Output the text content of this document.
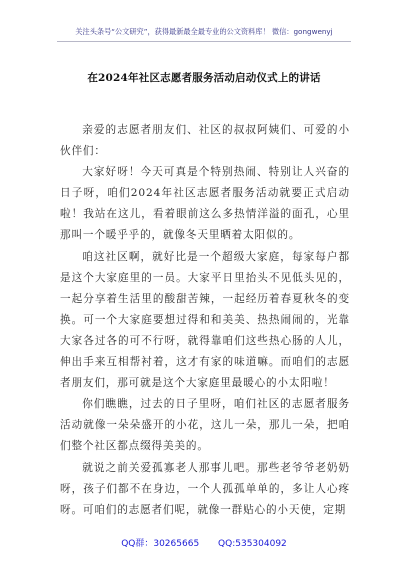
关注头条号“公文研究”，获得最新最全最专业的公文资料库！ 微信：gongwenyj
在2024年社区志愿者服务活动启动仪式上的讲话

亲爱的志愿者朋友们、社区的叔叔阿姨们、可爱的小伙伴们：

大家好呀！今天可真是个特别热闹、特别让人兴奋的日子呀，咱们2024年社区志愿者服务活动就要正式启动啦！我站在这儿，看着眼前这么多热情洋溢的面孔，心里那叫一个暖乎乎的，就像冬天里晒着太阳似的。

咱这社区啊，就好比是一个超级大家庭，每家每户都是这个大家庭里的一员。大家平日里抬头不见低头见的，一起分享着生活里的酸甜苦辣，一起经历着春夏秋冬的变换。可一个大家庭要想过得和和美美、热热闹闹的，光靠大家各过各的可不行呀，就得靠咱们这些热心肠的人儿，伸出手来互相帮衬着，这才有家的味道嘛。而咱们的志愿者朋友们，那可就是这个大家庭里最暖心的小太阳啦！

你们瞧瞧，过去的日子里呀，咱们社区的志愿者服务活动就像一朵朵盛开的小花，这儿一朵，那儿一朵，把咱们整个社区都点缀得美美的。

就说之前关爱孤寡老人那事儿吧。那些老爷爷老奶奶呀，孩子们都不在身边，一个人孤孤单单的，多让人心疼呀。可咱们的志愿者们呢，就像一群贴心的小天使，定期

QQ群：30265665 QQ:535304092
